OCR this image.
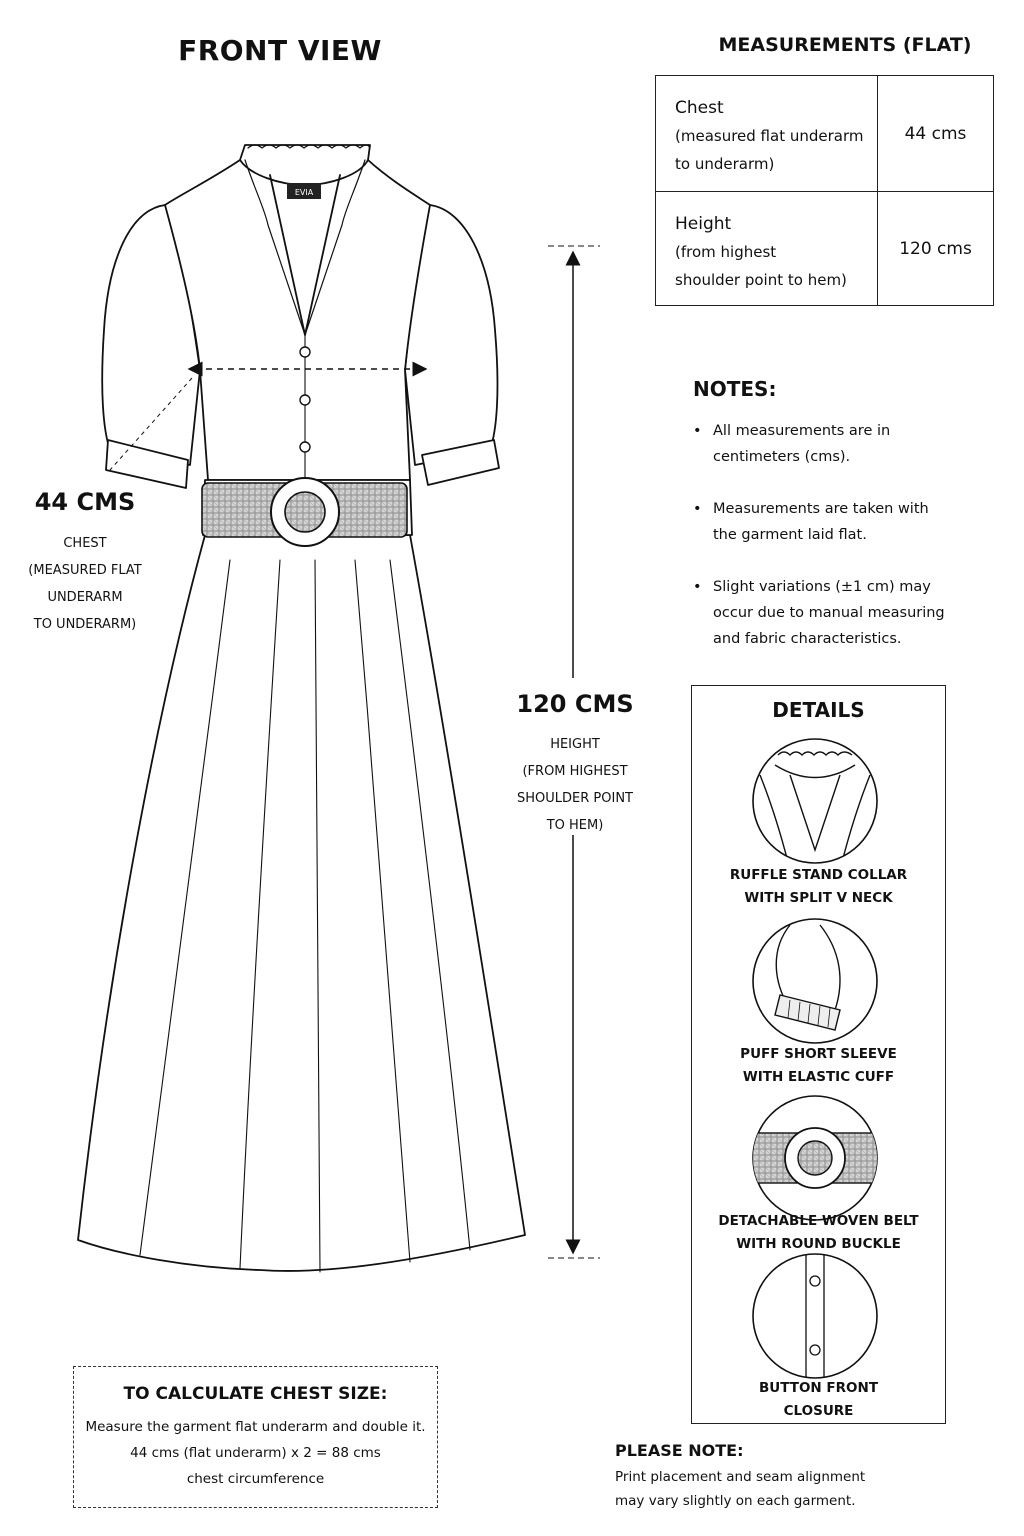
EVIA
FRONT VIEW	MEASUREMENTS (FLAT)
Chest
(measured flat underarm
to underarm)
44 cms
Height
(from highest
shoulder point to hem)
120 cms
NOTES:
• All measurements are in
centimeters (cms).
• Measurements are taken with
the garment laid flat.
• Slight variations (±1 cm) may
occur due to manual measuring
and fabric characteristics.
44 CMS
CHEST
(MEASURED FLAT
UNDERARM
TO UNDERARM)
120 CMS
HEIGHT
(FROM HIGHEST
SHOULDER POINT
TO HEM)
DETAILS
RUFFLE STAND COLLAR
WITH SPLIT V NECK
PUFF SHORT SLEEVE
WITH ELASTIC CUFF
DETACHABLE WOVEN BELT
WITH ROUND BUCKLE
BUTTON FRONT
CLOSURE
TO CALCULATE CHEST SIZE:
Measure the garment flat underarm and double it.
44 cms (flat underarm) x 2 = 88 cms
chest circumference
PLEASE NOTE:
Print placement and seam alignment
may vary slightly on each garment.
